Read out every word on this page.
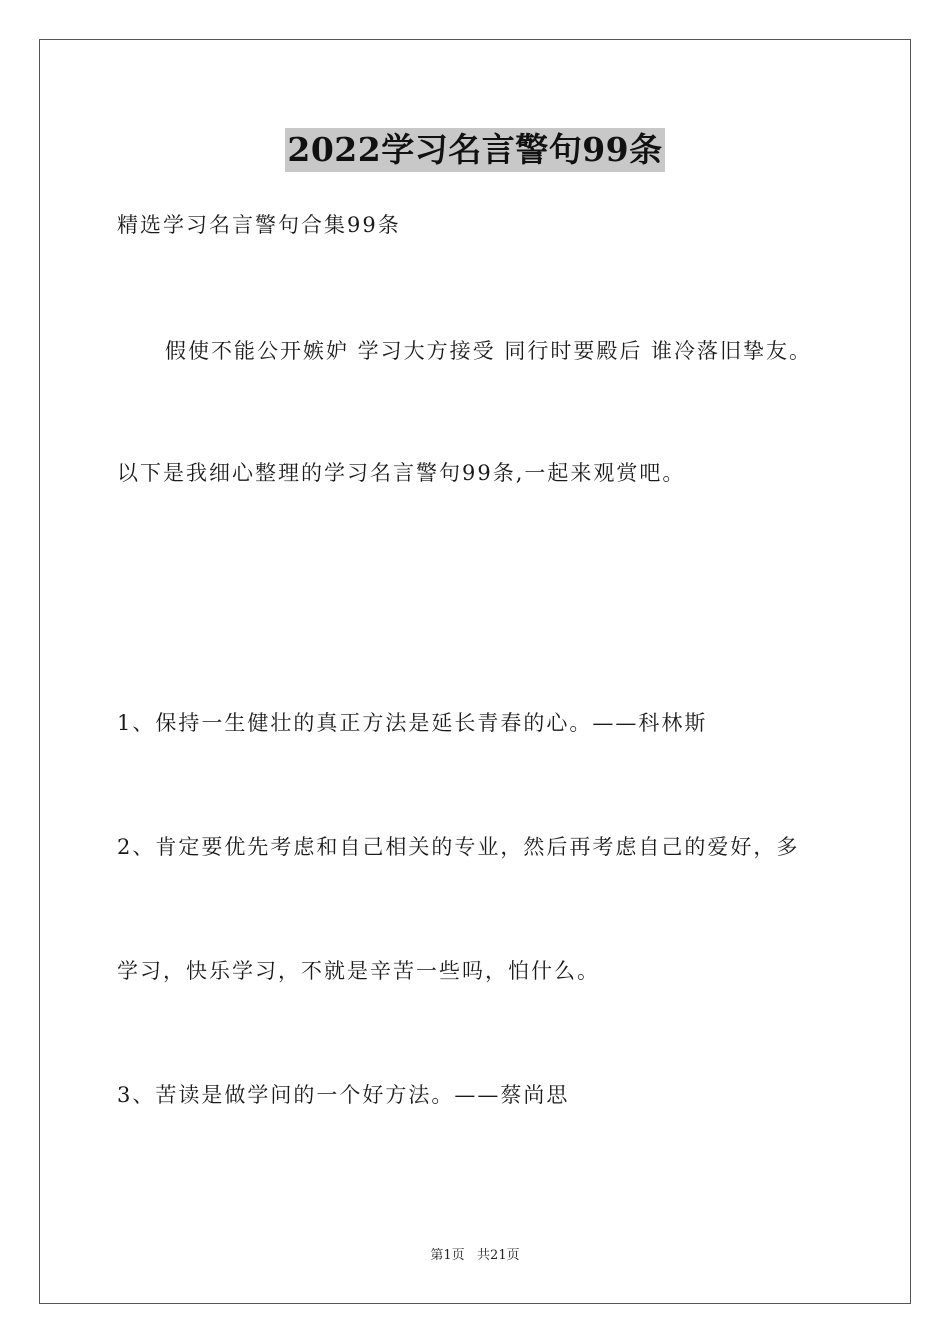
2022学习名言警句99条
精选学习名言警句合集99条
假使不能公开嫉妒 学习大方接受 同行时要殿后 谁冷落旧挚友。
以下是我细心整理的学习名言警句99条,一起来观赏吧。
1、保持一生健壮的真正方法是延长青春的心。——科林斯
2、肯定要优先考虑和自己相关的专业，然后再考虑自己的爱好，多
学习，快乐学习，不就是辛苦一些吗，怕什么。
3、苦读是做学问的一个好方法。——蔡尚思
第1页   共21页
